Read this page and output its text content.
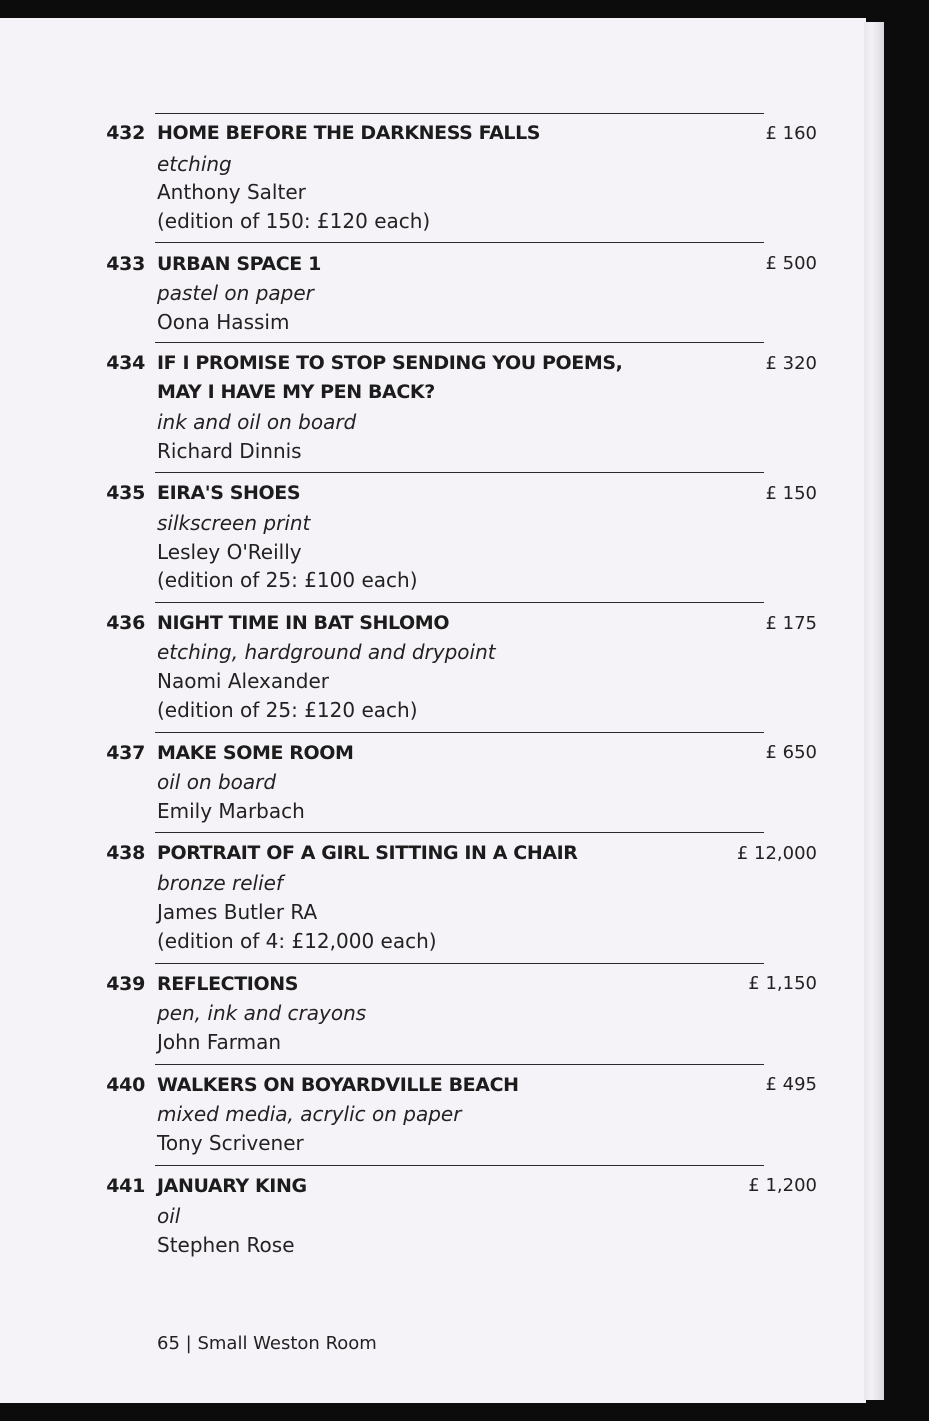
432 HOME BEFORE THE DARKNESS FALLS
etching
Anthony Salter
(edition of 150: £120 each)
£ 160
433 URBAN SPACE 1
pastel on paper
Oona Hassim
£ 500
434 IF I PROMISE TO STOP SENDING YOU POEMS,
MAY I HAVE MY PEN BACK?
ink and oil on board
Richard Dinnis
£ 320
435 EIRA'S SHOES
silkscreen print
Lesley O'Reilly
(edition of 25: £100 each)
£ 150
436 NIGHT TIME IN BAT SHLOMO
etching, hardground and drypoint
Naomi Alexander
(edition of 25: £120 each)
£ 175
437 MAKE SOME ROOM
oil on board
Emily Marbach
£ 650
438 PORTRAIT OF A GIRL SITTING IN A CHAIR
bronze relief
James Butler RA
(edition of 4: £12,000 each)
£ 12,000
439 REFLECTIONS
pen, ink and crayons
John Farman
£ 1,150
440 WALKERS ON BOYARDVILLE BEACH
mixed media, acrylic on paper
Tony Scrivener
£ 495
441 JANUARY KING
oil
Stephen Rose
£ 1,200
65 | Small Weston Room
